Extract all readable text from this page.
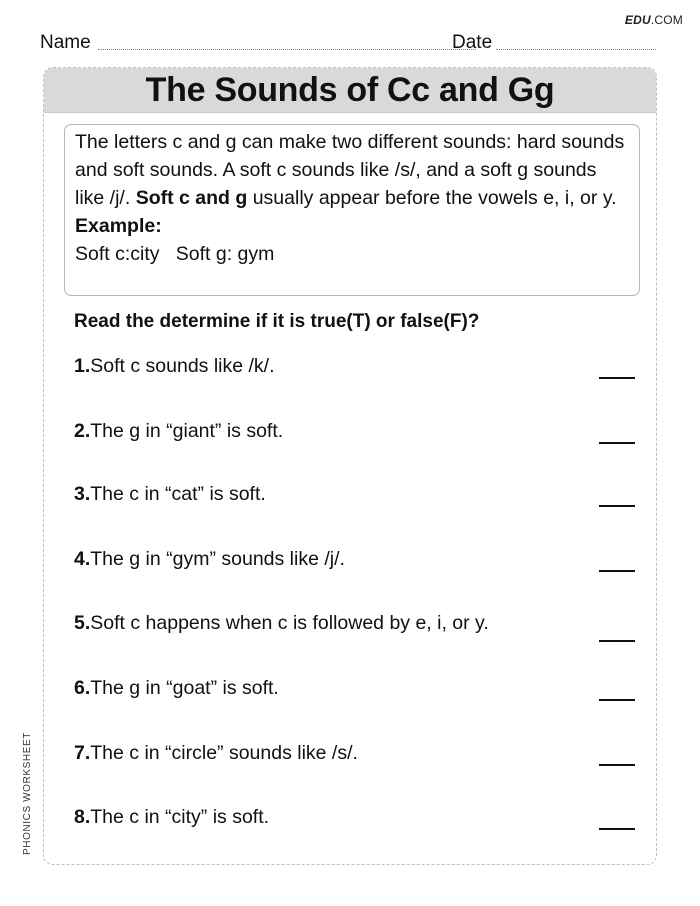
EDU.COM
Name	Date
PHONICS WORKSHEET
The Sounds of Cc and Gg

The letters c and g can make two different sounds: hard sounds and soft sounds. A soft c sounds like /s/, and a soft g sounds like /j/. Soft c and g usually appear before the vowels e, i, or y.

Example:

Soft c:city   Soft g: gym

Read the determine if it is true(T) or false(F)?
1.Soft c sounds like /k/.
2.The g in “giant” is soft.
3.The c in “cat” is soft.
4.The g in “gym” sounds like /j/.
5.Soft c happens when c is followed by e, i, or y.
6.The g in “goat” is soft.
7.The c in “circle” sounds like /s/.
8.The c in “city” is soft.
